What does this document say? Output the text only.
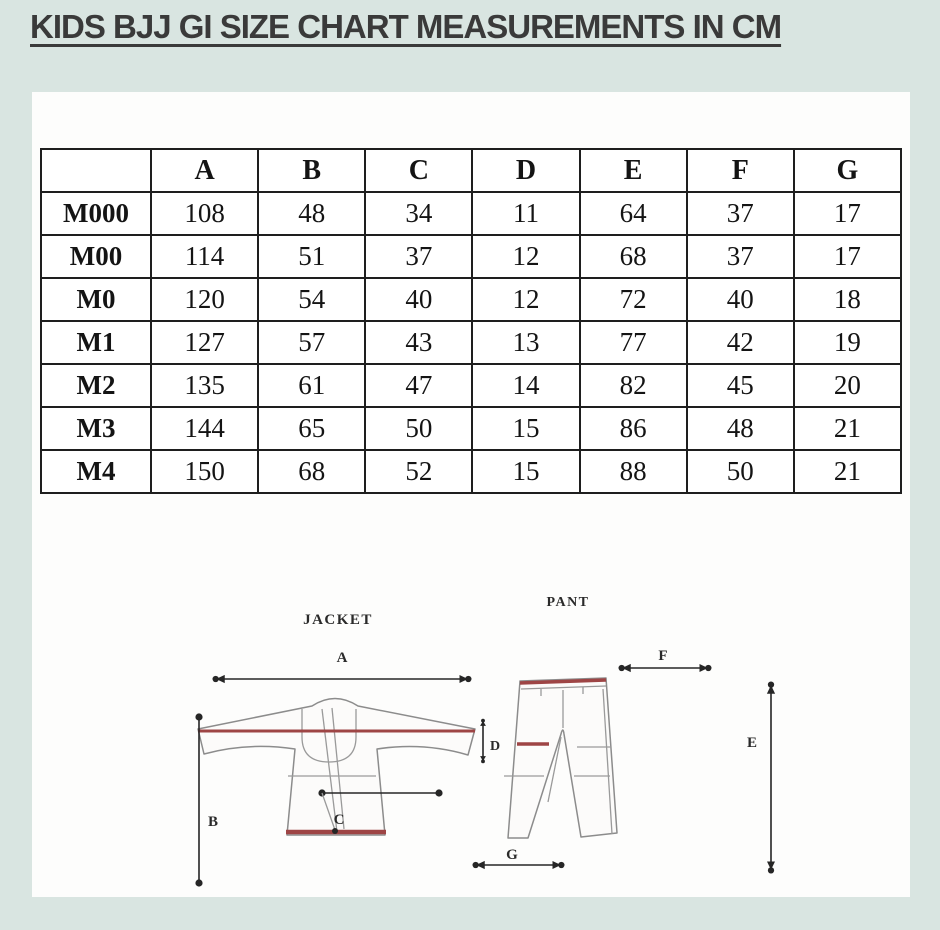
KIDS BJJ GI SIZE CHART MEASUREMENTS IN CM
	A	B	C	D	E	F	G
M000	108	48	34	11	64	37	17
M00	114	51	37	12	68	37	17
M0	120	54	40	12	72	40	18
M1	127	57	43	13	77	42	19
M2	135	61	47	14	82	45	20
M3	144	65	50	15	86	48	21
M4	150	68	52	15	88	50	21
JACKET
A
B	C
D
PANT
F
E
G
